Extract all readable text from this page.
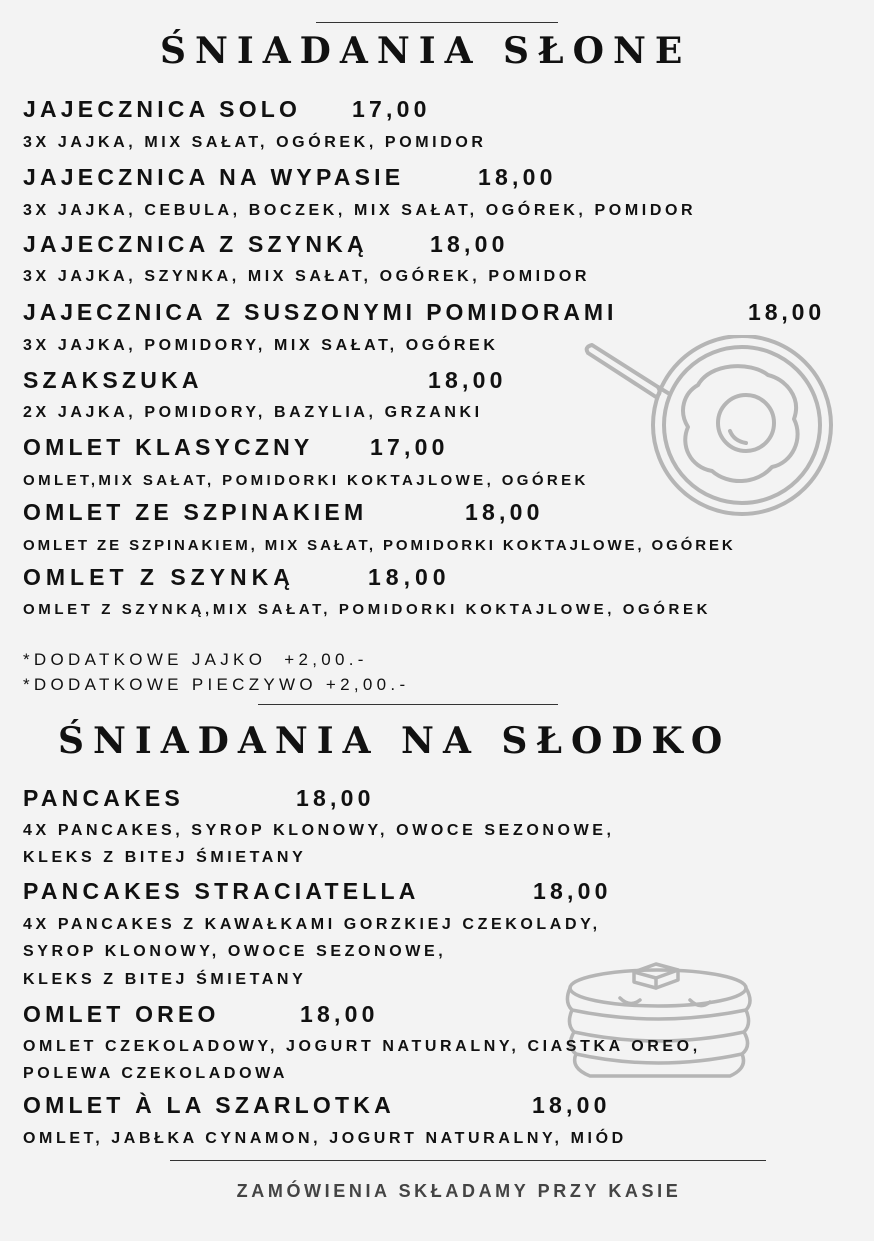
ŚNIADANIA SŁONE
JAJECZNICA SOLO 17,00
3X JAJKA, MIX SAŁAT, OGÓREK, POMIDOR
JAJECZNICA NA WYPASIE	18,00
3X JAJKA, CEBULA, BOCZEK, MIX SAŁAT, OGÓREK, POMIDOR
JAJECZNICA Z SZYNKĄ	18,00
3X JAJKA, SZYNKA, MIX SAŁAT, OGÓREK, POMIDOR
JAJECZNICA Z SUSZONYMI POMIDORAMI	18,00
3X JAJKA, POMIDORY, MIX SAŁAT, OGÓREK
SZAKSZUKA	18,00
2X JAJKA, POMIDORY, BAZYLIA, GRZANKI
OMLET KLASYCZNY 17,00
OMLET,MIX SAŁAT, POMIDORKI KOKTAJLOWE, OGÓREK
OMLET ZE SZPINAKIEM	18,00
OMLET ZE SZPINAKIEM, MIX SAŁAT, POMIDORKI KOKTAJLOWE, OGÓREK
OMLET Z SZYNKĄ	18,00
OMLET Z SZYNKĄ,MIX SAŁAT, POMIDORKI KOKTAJLOWE, OGÓREK
*DODATKOWE JAJKO  +2,00.-
*DODATKOWE PIECZYWO +2,00.-
ŚNIADANIA NA SŁODKO
PANCAKES	18,00
4X PANCAKES, SYROP KLONOWY, OWOCE SEZONOWE,
KLEKS Z BITEJ ŚMIETANY
PANCAKES STRACIATELLA	18,00
4X PANCAKES Z KAWAŁKAMI GORZKIEJ CZEKOLADY,
SYROP KLONOWY, OWOCE SEZONOWE,
KLEKS Z BITEJ ŚMIETANY
OMLET OREO	18,00
OMLET CZEKOLADOWY, JOGURT NATURALNY, CIASTKA OREO,
POLEWA CZEKOLADOWA
OMLET À LA SZARLOTKA	18,00
OMLET, JABŁKA CYNAMON, JOGURT NATURALNY, MIÓD
ZAMÓWIENIA SKŁADAMY PRZY KASIE
